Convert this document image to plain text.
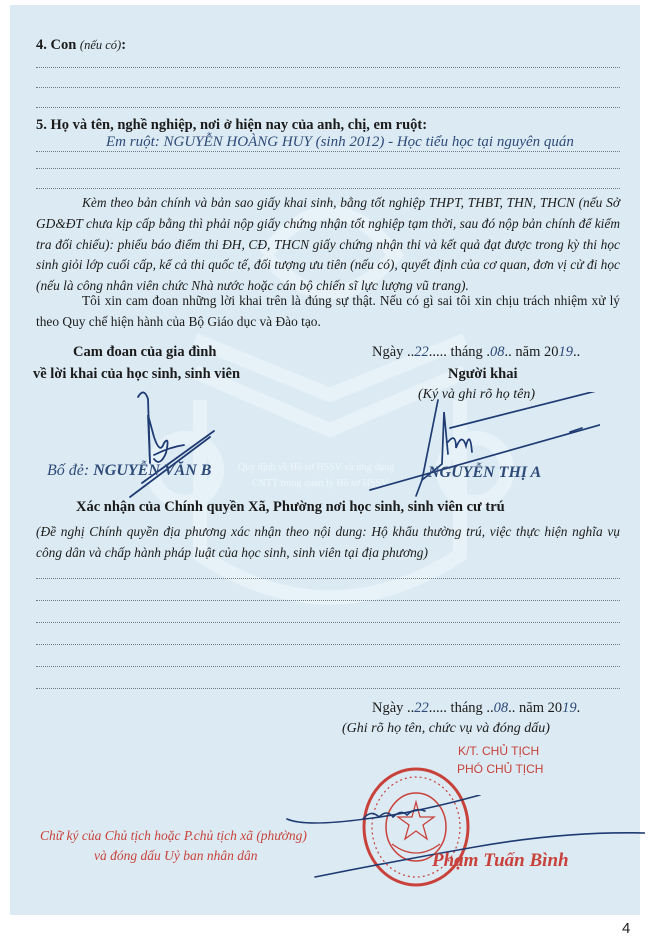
Quy định về Hồ sơ HSSV và ứng dụng
CNTT trong quản lý Hồ sơ HSSV
4. Con (nếu có):
5. Họ và tên, nghề nghiệp, nơi ở hiện nay của anh, chị, em ruột:
Em ruột: NGUYỄN HOÀNG HUY (sinh 2012) - Học tiểu học tại nguyên quán
Kèm theo bản chính và bản sao giấy khai sinh, bằng tốt nghiệp THPT, THBT, THN, THCN (nếu Sở GD&ĐT chưa kịp cấp bằng thì phải nộp giấy chứng nhận tốt nghiệp tạm thời, sau đó nộp bản chính để kiểm tra đối chiếu): phiếu báo điểm thi ĐH, CĐ, THCN giấy chứng nhận thi và kết quả đạt được trong kỳ thi học sinh giỏi lớp cuối cấp, kể cả thi quốc tế, đối tượng ưu tiên (nếu có), quyết định của cơ quan, đơn vị cử đi học (nếu là công nhân viên chức Nhà nước hoặc cán bộ chiến sĩ lực lượng vũ trang).
Tôi xin cam đoan những lời khai trên là đúng sự thật. Nếu có gì sai tôi xin chịu trách nhiệm xử lý theo Quy chế hiện hành của Bộ Giáo dục và Đào tạo.
Cam đoan của gia đình
về lời khai của học sinh, sinh viên
Bố đẻ: NGUYỄN VĂN B
Ngày ..22..... tháng .08.. năm 2019..
Người khai
(Ký và ghi rõ họ tên)
NGUYỄN THỊ A
Xác nhận của Chính quyền Xã, Phường nơi học sinh, sinh viên cư trú
(Đề nghị Chính quyền địa phương xác nhận theo nội dung: Hộ khẩu thường trú, việc thực hiện nghĩa vụ công dân và chấp hành pháp luật của học sinh, sinh viên tại địa phương)
Ngày ..22..... tháng ..08.. năm 2019.
(Ghi rõ họ tên, chức vụ và đóng dấu)
K/T. CHỦ TỊCH
PHÓ CHỦ TỊCH
Phạm Tuấn Bình
Chữ ký của Chủ tịch hoặc P.chủ tịch xã (phường)
và đóng dấu Uỷ ban nhân dân
4
